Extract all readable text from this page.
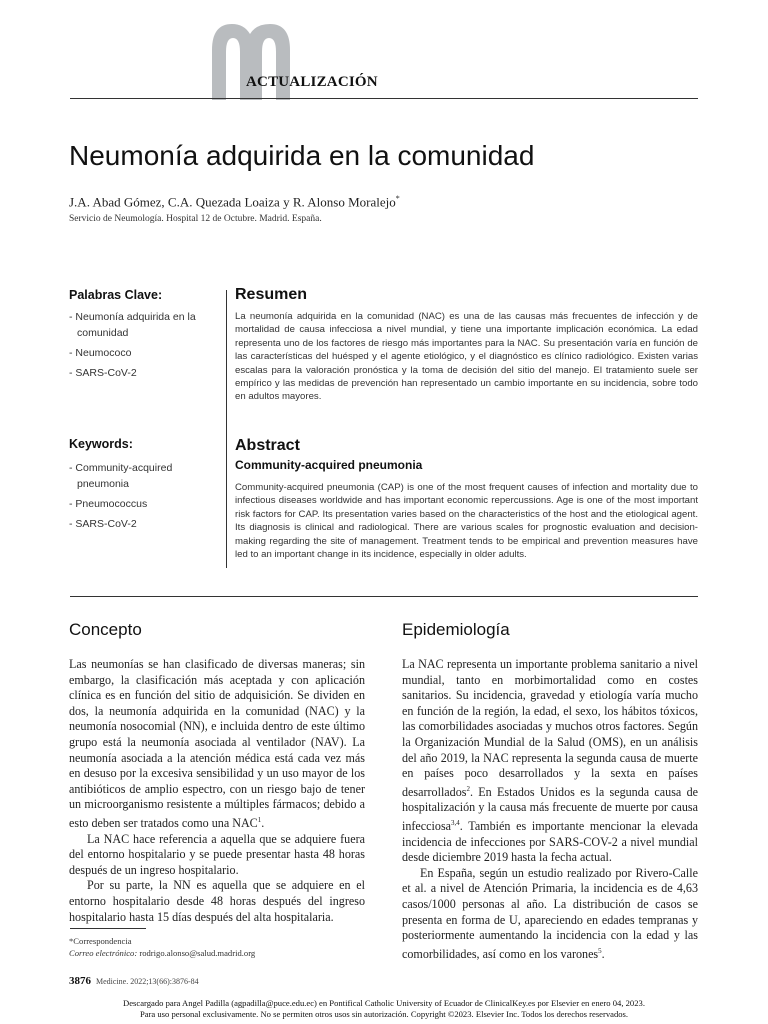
ACTUALIZACIÓN
Neumonía adquirida en la comunidad
J.A. Abad Gómez, C.A. Quezada Loaiza y R. Alonso Moralejo*
Servicio de Neumología. Hospital 12 de Octubre. Madrid. España.
Palabras Clave:
- Neumonía adquirida en la comunidad
- Neumococo
- SARS-CoV-2
Keywords:
- Community-acquired pneumonia
- Pneumococcus
- SARS-CoV-2
Resumen

La neumonía adquirida en la comunidad (NAC) es una de las causas más frecuentes de infección y de mortalidad de causa infecciosa a nivel mundial, y tiene una importante implicación económica. La edad representa uno de los factores de riesgo más importantes para la NAC. Su presentación varía en función de las características del huésped y el agente etiológico, y el diagnóstico es clínico radiológico. Existen varias escalas para la valoración pronóstica y la toma de decisión del sitio del manejo. El tratamiento suele ser empírico y las medidas de prevención han representado un cambio importante en su incidencia, sobre todo en adultos mayores.

Abstract
Community-acquired pneumonia

Community-acquired pneumonia (CAP) is one of the most frequent causes of infection and mortality due to infectious diseases worldwide and has important economic repercussions. Age is one of the most important risk factors for CAP. Its presentation varies based on the characteristics of the host and the etiological agent. Its diagnosis is clinical and radiological. There are various scales for prognostic evaluation and decision-making regarding the site of management. Treatment tends to be empirical and prevention measures have led to an important change in its incidence, especially in older adults.

Concepto

Las neumonías se han clasificado de diversas maneras; sin embargo, la clasificación más aceptada y con aplicación clínica es en función del sitio de adquisición. Se dividen en dos, la neumonía adquirida en la comunidad (NAC) y la neumonía nosocomial (NN), e incluida dentro de este último grupo está la neumonía asociada al ventilador (NAV). La neumonía asociada a la atención médica está cada vez más en desuso por la excesiva sensibilidad y un uso mayor de los antibióticos de amplio espectro, con un riesgo bajo de tener un microorganismo resistente a múltiples fármacos; debido a esto deben ser tratados como una NAC$^1$.

La NAC hace referencia a aquella que se adquiere fuera del entorno hospitalario y se puede presentar hasta 48 horas después de un ingreso hospitalario.

Por su parte, la NN es aquella que se adquiere en el entorno hospitalario desde 48 horas después del ingreso hospitalario hasta 15 días después del alta hospitalaria.

Epidemiología

La NAC representa un importante problema sanitario a nivel mundial, tanto en morbimortalidad como en costes sanitarios. Su incidencia, gravedad y etiología varía mucho en función de la región, la edad, el sexo, los hábitos tóxicos, las comorbilidades asociadas y muchos otros factores. Según la Organización Mundial de la Salud (OMS), en un análisis del año 2019, la NAC representa la segunda causa de muerte en países poco desarrollados y la sexta en países desarrollados$^2$. En Estados Unidos es la segunda causa de hospitalización y la causa más frecuente de muerte por causa infecciosa$^{3,4}$. También es importante mencionar la elevada incidencia de infecciones por SARS-COV-2 a nivel mundial desde diciembre 2019 hasta la fecha actual.

En España, según un estudio realizado por Rivero-Calle et al. a nivel de Atención Primaria, la incidencia es de 4,63 casos/1000 personas al año. La distribución de casos se presenta en forma de U, apareciendo en edades tempranas y posteriormente aumentando la incidencia con la edad y las comorbilidades, así como en los varones$^5$.

*Correspondencia
Correo electrónico: rodrigo.alonso@salud.madrid.org
3876 Medicine. 2022;13(66):3876-84
Descargado para Angel Padilla (agpadilla@puce.edu.ec) en Pontifical Catholic University of Ecuador de ClinicalKey.es por Elsevier en enero 04, 2023.
Para uso personal exclusivamente. No se permiten otros usos sin autorización. Copyright ©2023. Elsevier Inc. Todos los derechos reservados.
